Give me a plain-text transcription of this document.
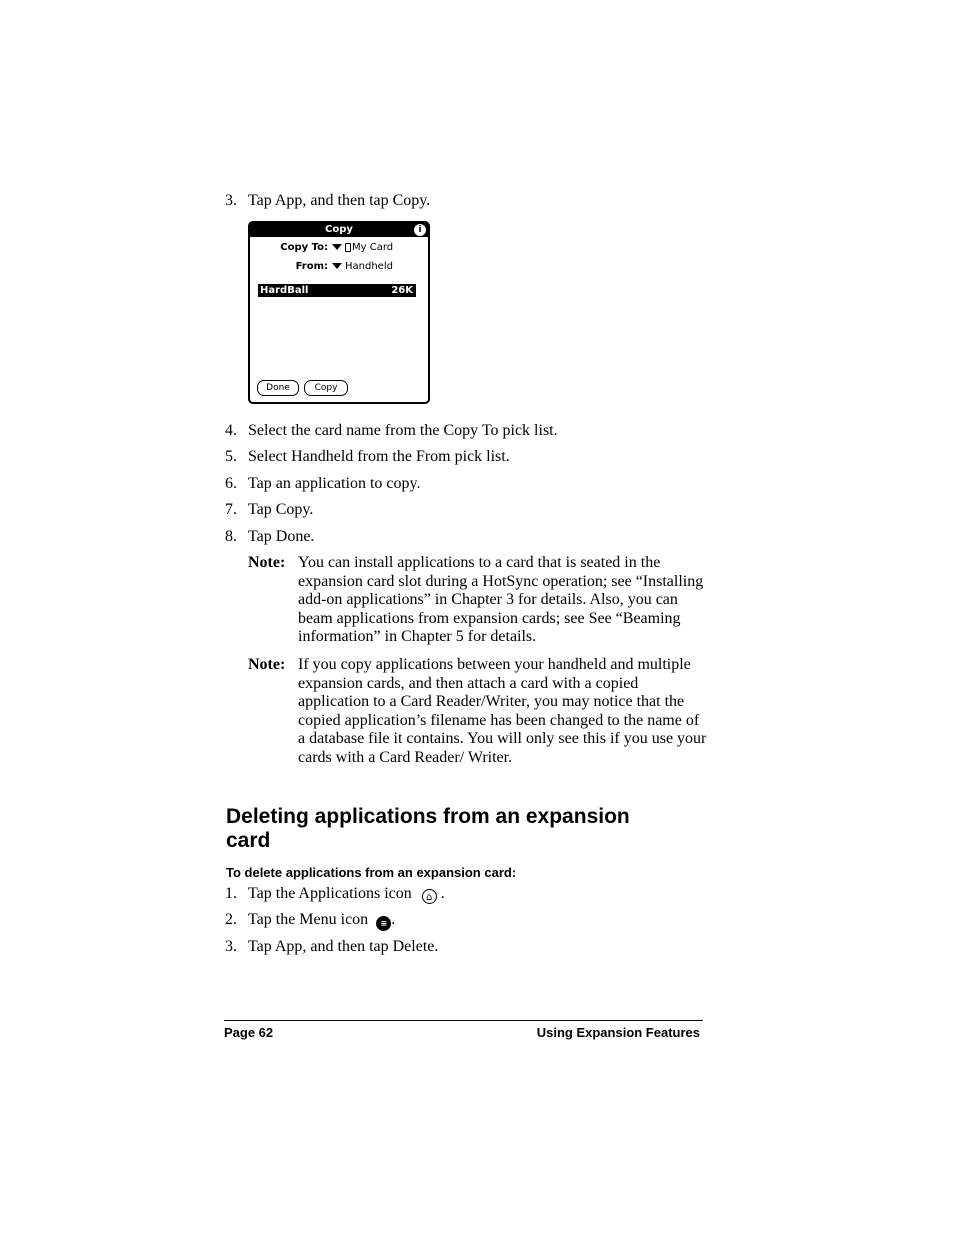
3. Tap App, and then tap Copy.
Copy	i
Copy To: My Card
From: Handheld
HardBall	26K
Done	Copy
4. Select the card name from the Copy To pick list.
5. Select Handheld from the From pick list.
6. Tap an application to copy.
7. Tap Copy.
8. Tap Done.
Note: You can install applications to a card that is seated in the expansion card slot during a HotSync operation; see “Installing add-on applications” in Chapter 3 for details. Also, you can beam applications from expansion cards; see See “Beaming information” in Chapter 5 for details.
Note: If you copy applications between your handheld and multiple expansion cards, and then attach a card with a copied application to a Card Reader/Writer, you may notice that the copied application’s filename has been changed to the name of a database file it contains. You will only see this if you use your cards with a Card Reader/ Writer.
Deleting applications from an expansion card
To delete applications from an expansion card:
1. Tap the Applications icon ⌂ .
2. Tap the Menu icon ≡ .
3. Tap App, and then tap Delete.
Page 62	Using Expansion Features
